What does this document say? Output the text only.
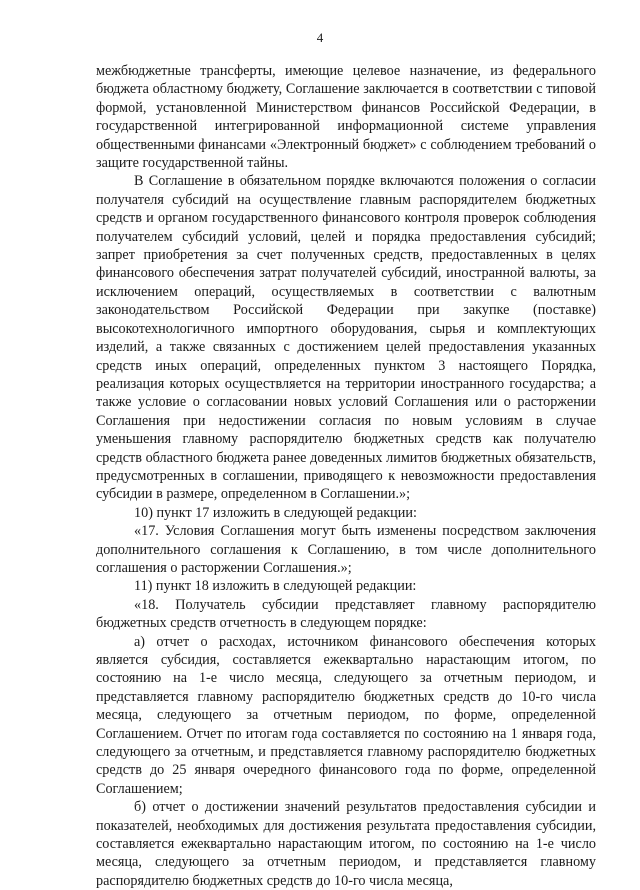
4

межбюджетные трансферты, имеющие целевое назначение, из федерального бюджета областному бюджету, Соглашение заключается в соответствии с типовой формой, установленной Министерством финансов Российской Федерации, в государственной интегрированной информационной системе управления общественными финансами «Электронный бюджет» с соблюдением требований о защите государственной тайны.

В Соглашение в обязательном порядке включаются положения о согласии получателя субсидий на осуществление главным распорядителем бюджетных средств и органом государственного финансового контроля проверок соблюдения получателем субсидий условий, целей и порядка предоставления субсидий; запрет приобретения за счет полученных средств, предоставленных в целях финансового обеспечения затрат получателей субсидий, иностранной валюты, за исключением операций, осуществляемых в соответствии с валютным законодательством Российской Федерации при закупке (поставке) высокотехнологичного импортного оборудования, сырья и комплектующих изделий, а также связанных с достижением целей предоставления указанных средств иных операций, определенных пунктом 3 настоящего Порядка, реализация которых осуществляется на территории иностранного государства; а также условие о согласовании новых условий Соглашения или о расторжении Соглашения при недостижении согласия по новым условиям в случае уменьшения главному распорядителю бюджетных средств как получателю средств областного бюджета ранее доведенных лимитов бюджетных обязательств, предусмотренных в соглашении, приводящего к невозможности предоставления субсидии в размере, определенном в Соглашении.»;

10) пункт 17 изложить в следующей редакции:

«17. Условия Соглашения могут быть изменены посредством заключения дополнительного соглашения к Соглашению, в том числе дополнительного соглашения о расторжении Соглашения.»;

11) пункт 18 изложить в следующей редакции:

«18. Получатель субсидии представляет главному распорядителю бюджетных средств отчетность в следующем порядке:

а) отчет о расходах, источником финансового обеспечения которых является субсидия, составляется ежеквартально нарастающим итогом, по состоянию на 1-е число месяца, следующего за отчетным периодом, и представляется главному распорядителю бюджетных средств до 10-го числа месяца, следующего за отчетным периодом, по форме, определенной Соглашением. Отчет по итогам года составляется по состоянию на 1 января года, следующего за отчетным, и представляется главному распорядителю бюджетных средств до 25 января очередного финансового года по форме, определенной Соглашением;

б) отчет о достижении значений результатов предоставления субсидии и показателей, необходимых для достижения результата предоставления субсидии, составляется ежеквартально нарастающим итогом, по состоянию на 1-е число месяца, следующего за отчетным периодом, и представляется главному распорядителю бюджетных средств до 10-го числа месяца,
